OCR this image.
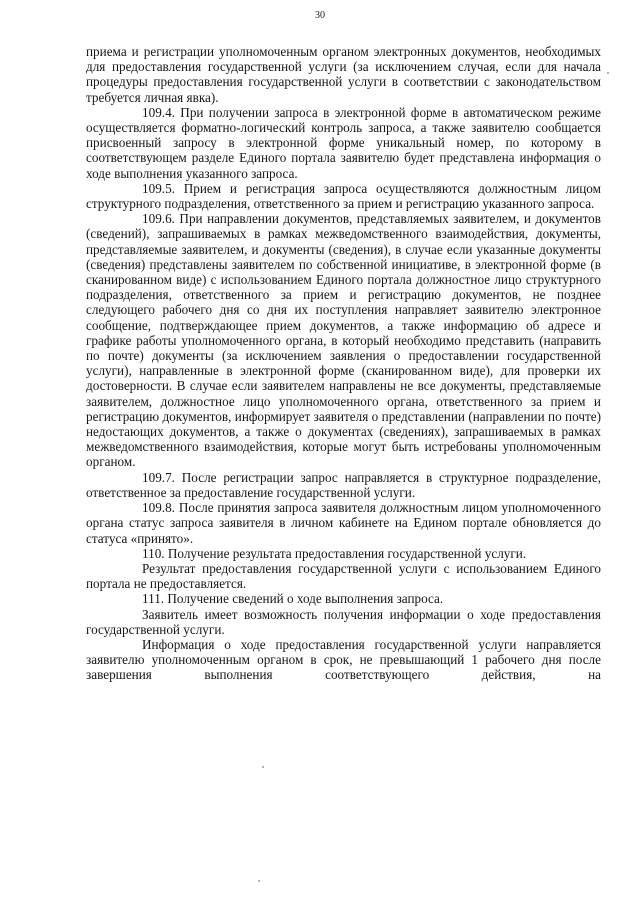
30

приема и регистрации уполномоченным органом электронных документов, необходимых для предоставления государственной услуги (за исключением случая, если для начала процедуры предоставления государственной услуги в соответствии с законодательством требуется личная явка).

109.4. При получении запроса в электронной форме в автоматическом режиме осуществляется форматно-логический контроль запроса, а также заявителю сообщается присвоенный запросу в электронной форме уникальный номер, по которому в соответствующем разделе Единого портала заявителю будет представлена информация о ходе выполнения указанного запроса.

109.5. Прием и регистрация запроса осуществляются должностным лицом структурного подразделения, ответственного за прием и регистрацию указанного запроса.

109.6. При направлении документов, представляемых заявителем, и документов (сведений), запрашиваемых в рамках межведомственного взаимодействия, документы, представляемые заявителем, и документы (сведения), в случае если указанные документы (сведения) представлены заявителем по собственной инициативе, в электронной форме (в сканированном виде) с использованием Единого портала должностное лицо структурного подразделения, ответственного за прием и регистрацию документов, не позднее следующего рабочего дня со дня их поступления направляет заявителю электронное сообщение, подтверждающее прием документов, а также информацию об адресе и графике работы уполномоченного органа, в который необходимо представить (направить по почте) документы (за исключением заявления о предоставлении государственной услуги), направленные в электронной форме (сканированном виде), для проверки их достоверности. В случае если заявителем направлены не все документы, представляемые заявителем, должностное лицо уполномоченного органа, ответственного за прием и регистрацию документов, информирует заявителя о представлении (направлении по почте) недостающих документов, а также о документах (сведениях), запрашиваемых в рамках межведомственного взаимодействия, которые могут быть истребованы уполномоченным органом.

109.7. После регистрации запрос направляется в структурное подразделение, ответственное за предоставление государственной услуги.

109.8. После принятия запроса заявителя должностным лицом уполномоченного органа статус запроса заявителя в личном кабинете на Едином портале обновляется до статуса «принято».

110. Получение результата предоставления государственной услуги.

Результат предоставления государственной услуги с использованием Единого портала не предоставляется.

111. Получение сведений о ходе выполнения запроса.

Заявитель имеет возможность получения информации о ходе предоставления государственной услуги.

Информация о ходе предоставления государственной услуги направляется заявителю уполномоченным органом в срок, не превышающий 1 рабочего дня после завершения выполнения соответствующего действия, на
